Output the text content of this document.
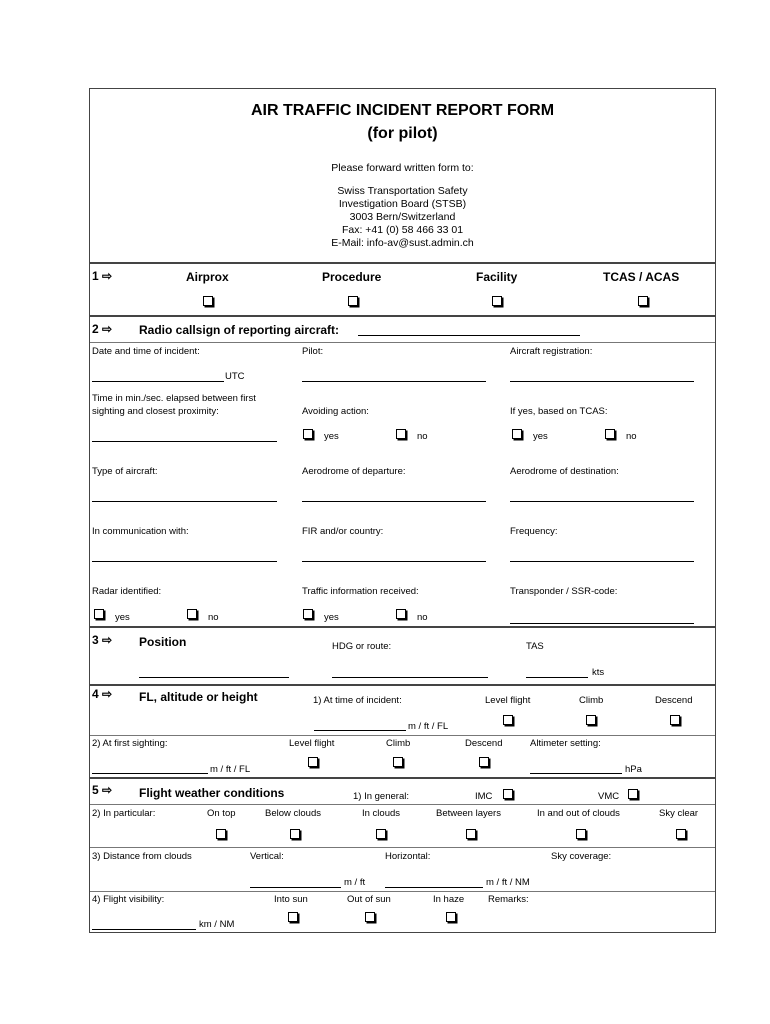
AIR TRAFFIC INCIDENT REPORT FORM
(for pilot)
Please forward written form to:
Swiss Transportation Safety
Investigation Board (STSB)
3003 Bern/Switzerland
Fax: +41 (0) 58 466 33 01
E-Mail: info-av@sust.admin.ch
1 ⇨	Airprox	Procedure	Facility	TCAS / ACAS
2 ⇨ Radio callsign of reporting aircraft:
Date and time of incident:	Pilot:	Aircraft registration:
UTC
Time in min./sec. elapsed between first
sighting and closest proximity:	Avoiding action:	If yes, based on TCAS:
yes	no	yes	no
Type of aircraft:	Aerodrome of departure:	Aerodrome of destination:
In communication with:	FIR and/or country:	Frequency:
Radar identified:	Traffic information received:	Transponder / SSR-code:
yes	no	yes	no
3 ⇨ Position	HDG or route:	TAS
kts
4 ⇨ FL, altitude or height	1) At time of incident:	Level flight	Climb	Descend
m / ft / FL
2) At first sighting:	Level flight	Climb	Descend	Altimeter setting:
m / ft / FL	hPa
5 ⇨ Flight weather conditions	1) In general:	IMC	VMC
2) In particular:	On top	Below clouds	In clouds	Between layers	In and out of clouds	Sky clear
3) Distance from clouds	Vertical:	Horizontal:	Sky coverage:
m / ft	m / ft / NM
4) Flight visibility:	Into sun	Out of sun	In haze	Remarks:
km / NM
